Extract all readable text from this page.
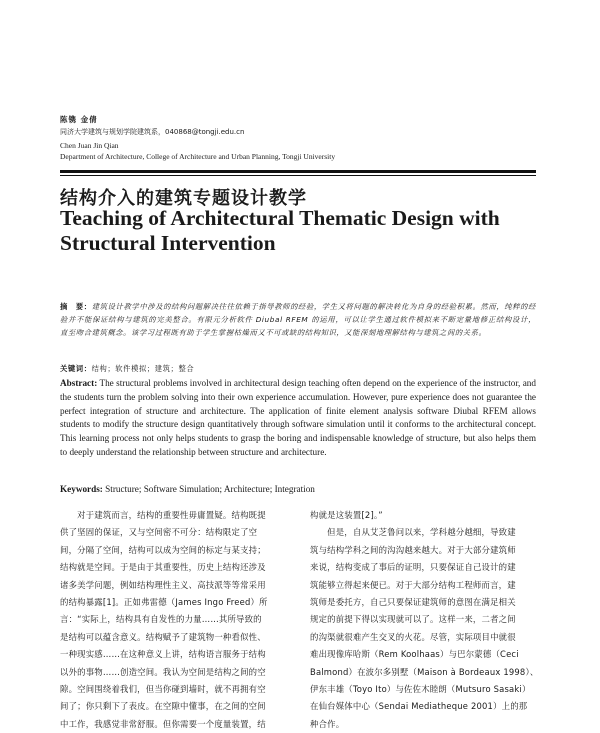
陈镌 金倩
同济大学建筑与规划学院建筑系，040868@tongji.edu.cn
Chen Juan Jin Qian
Department of Architecture, College of Architecture and Urban Planning, Tongji University
结构介入的建筑专题设计教学
Teaching of Architectural Thematic Design with Structural Intervention

摘　要：建筑设计教学中涉及的结构问题解决往往依赖于指导教师的经验，学生又将问题的解决转化为自身的经验积累。然而，纯粹的经验并不能保证结构与建筑的完美整合。有限元分析软件 Diubal RFEM 的运用，可以让学生通过软件模拟来不断定量地修正结构设计，直至吻合建筑概念。该学习过程既有助于学生掌握枯燥而又不可或缺的结构知识，又能深刻地理解结构与建筑之间的关系。

关键词：结构；软件模拟；建筑；整合

Abstract: The structural problems involved in architectural design teaching often depend on the experience of the instructor, and the students turn the problem solving into their own experience accumulation. However, pure experience does not guarantee the perfect integration of structure and architecture. The application of finite element analysis software Diubal RFEM allows students to modify the structure design quantitatively through software simulation until it conforms to the architectural concept. This learning process not only helps students to grasp the boring and indispensable knowledge of structure, but also helps them to deeply understand the relationship between structure and architecture.

Keywords: Structure; Software Simulation; Architecture; Integration

　　对于建筑而言，结构的重要性毋庸置疑。结构既提
供了坚固的保证，又与空间密不可分：结构限定了空
间，分隔了空间，结构可以成为空间的标定与某支持；
结构就是空间。于是由于其重要性，历史上结构还涉及
诸多美学问题，例如结构理性主义、高技派等等常采用
的结构暴露[1]。正如弗雷德（James Ingo Freed）所
言：“实际上，结构具有自发性的力量……其所导致的
是结构可以蕴含意义。结构赋予了建筑物一种看似性、
一种现实感……在这种意义上讲，结构语言服务于结构
以外的事物……创造空间。我认为空间是结构之间的空
隙。空间围绕着我们，但当你碰到墙时，就不再拥有空
间了；你只剩下了表皮。在空隙中懂事，在之间的空间
中工作，我感觉非常舒服。但你需要一个度量装置，结
构就是这装置[2]。”
　　但是，自从艾芝鲁问以来，学科越分越细，导致建
筑与结构学科之间的沟沟越来越大。对于大部分建筑师
来说，结构变成了事后的证明，只要保证自己设计的建
筑能够立得起来便已。对于大部分结构工程师而言，建
筑师是委托方，自己只要保证建筑师的意图在满足相关
规定的前提下得以实现就可以了。这样一来，二者之间
的沟渠就很难产生交叉的火花。尽管，实际项目中就很
难出现像库哈斯（Rem Koolhaas）与巴尔蒙德（Ceci
Balmond）在波尔多别墅（Maison à Bordeaux 1998）、
伊东丰雄（Toyo Ito）与佐佐木睦朗（Mutsuro Sasaki）
在仙台媒体中心（Sendai Mediatheque 2001）上的那
种合作。
